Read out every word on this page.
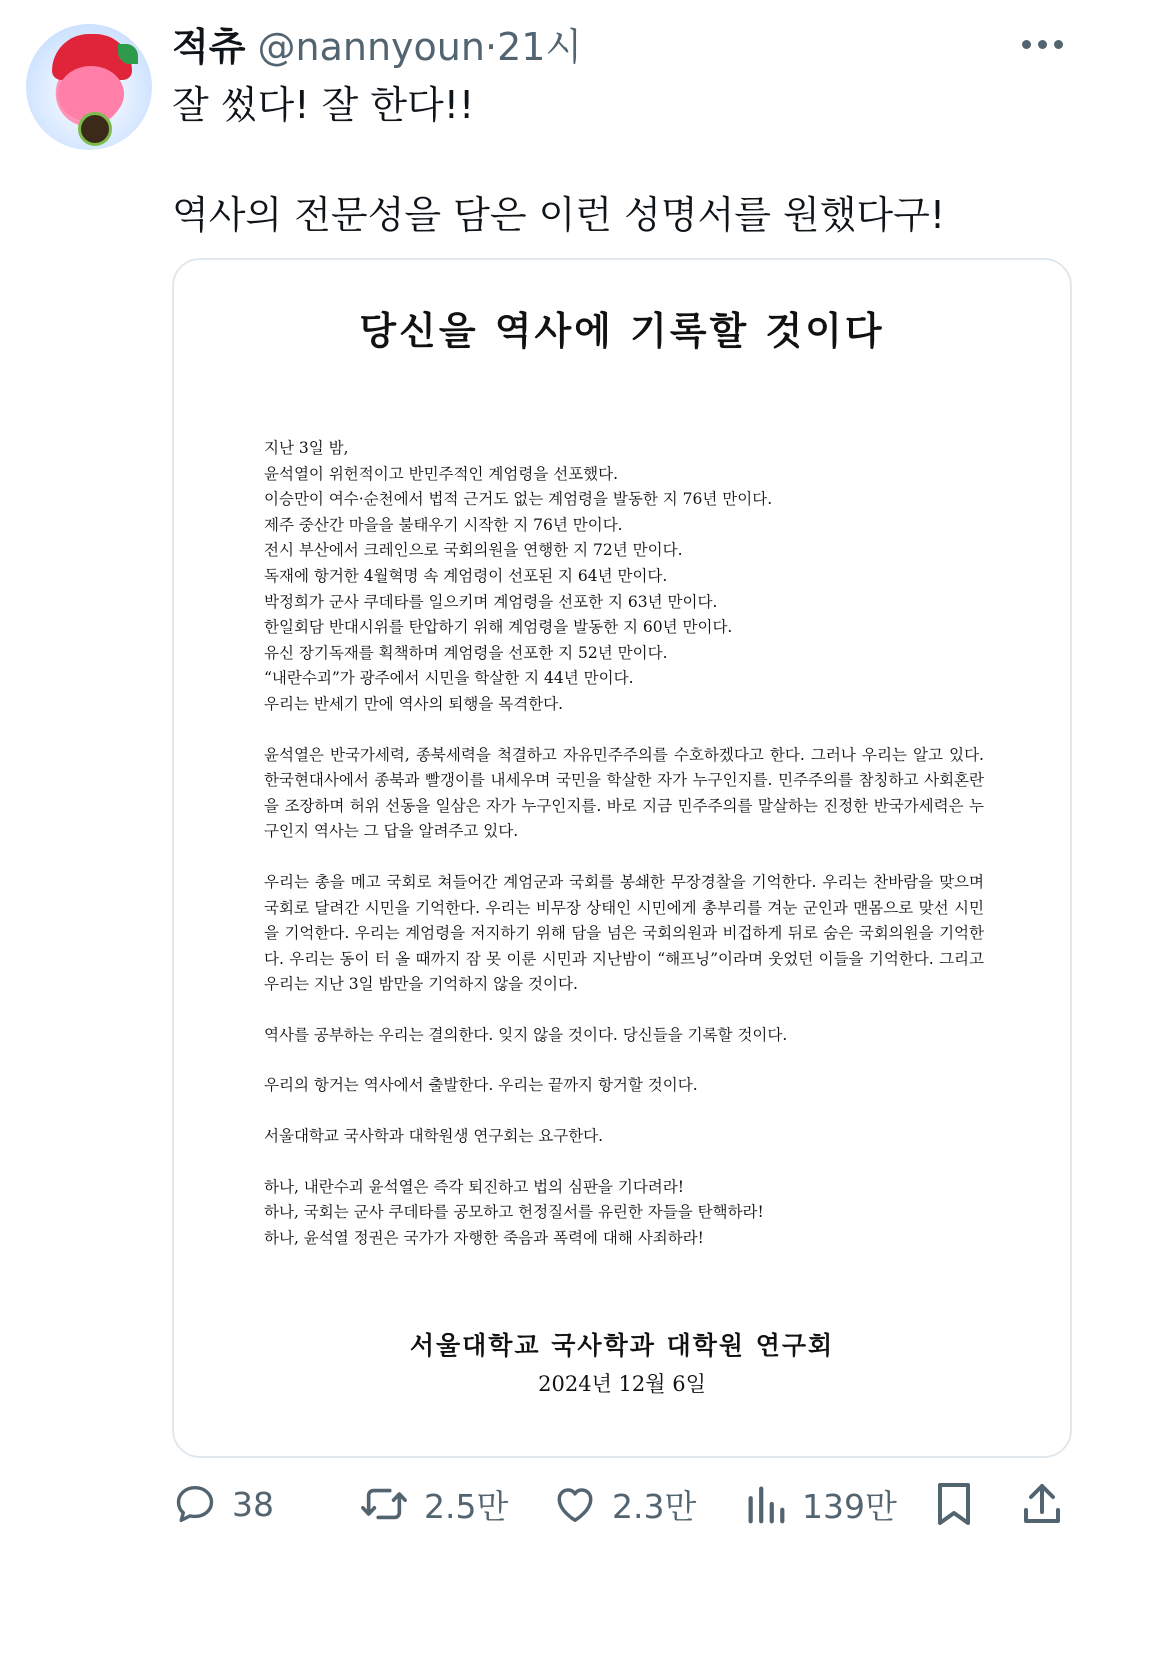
적츄 @nannyoun·21시
잘 썼다! 잘 한다!!
역사의 전문성을 담은 이런 성명서를 원했다구!
당신을 역사에 기록할 것이다

지난 3일 밤,

윤석열이 위헌적이고 반민주적인 계엄령을 선포했다.

이승만이 여수·순천에서 법적 근거도 없는 계엄령을 발동한 지 76년 만이다.

제주 중산간 마을을 불태우기 시작한 지 76년 만이다.

전시 부산에서 크레인으로 국회의원을 연행한 지 72년 만이다.

독재에 항거한 4월혁명 속 계엄령이 선포된 지 64년 만이다.

박정희가 군사 쿠데타를 일으키며 계엄령을 선포한 지 63년 만이다.

한일회담 반대시위를 탄압하기 위해 계엄령을 발동한 지 60년 만이다.

유신 장기독재를 획책하며 계엄령을 선포한 지 52년 만이다.

“내란수괴”가 광주에서 시민을 학살한 지 44년 만이다.

우리는 반세기 만에 역사의 퇴행을 목격한다.

윤석열은 반국가세력, 종북세력을 척결하고 자유민주주의를 수호하겠다고 한다. 그러나 우리는 알고 있다. 한국현대사에서 종북과 빨갱이를 내세우며 국민을 학살한 자가 누구인지를. 민주주의를 참칭하고 사회혼란을 조장하며 허위 선동을 일삼은 자가 누구인지를. 바로 지금 민주주의를 말살하는 진정한 반국가세력은 누구인지 역사는 그 답을 알려주고 있다.

우리는 총을 메고 국회로 쳐들어간 계엄군과 국회를 봉쇄한 무장경찰을 기억한다. 우리는 찬바람을 맞으며 국회로 달려간 시민을 기억한다. 우리는 비무장 상태인 시민에게 총부리를 겨눈 군인과 맨몸으로 맞선 시민을 기억한다. 우리는 계엄령을 저지하기 위해 담을 넘은 국회의원과 비겁하게 뒤로 숨은 국회의원을 기억한다. 우리는 동이 터 올 때까지 잠 못 이룬 시민과 지난밤이 “해프닝”이라며 웃었던 이들을 기억한다. 그리고 우리는 지난 3일 밤만을 기억하지 않을 것이다.

역사를 공부하는 우리는 결의한다. 잊지 않을 것이다. 당신들을 기록할 것이다.

우리의 항거는 역사에서 출발한다. 우리는 끝까지 항거할 것이다.

서울대학교 국사학과 대학원생 연구회는 요구한다.

하나, 내란수괴 윤석열은 즉각 퇴진하고 법의 심판을 기다려라!

하나, 국회는 군사 쿠데타를 공모하고 헌정질서를 유린한 자들을 탄핵하라!

하나, 윤석열 정권은 국가가 자행한 죽음과 폭력에 대해 사죄하라!

서울대학교 국사학과 대학원 연구회
2024년 12월 6일
38	2.5만	2.3만	139만
